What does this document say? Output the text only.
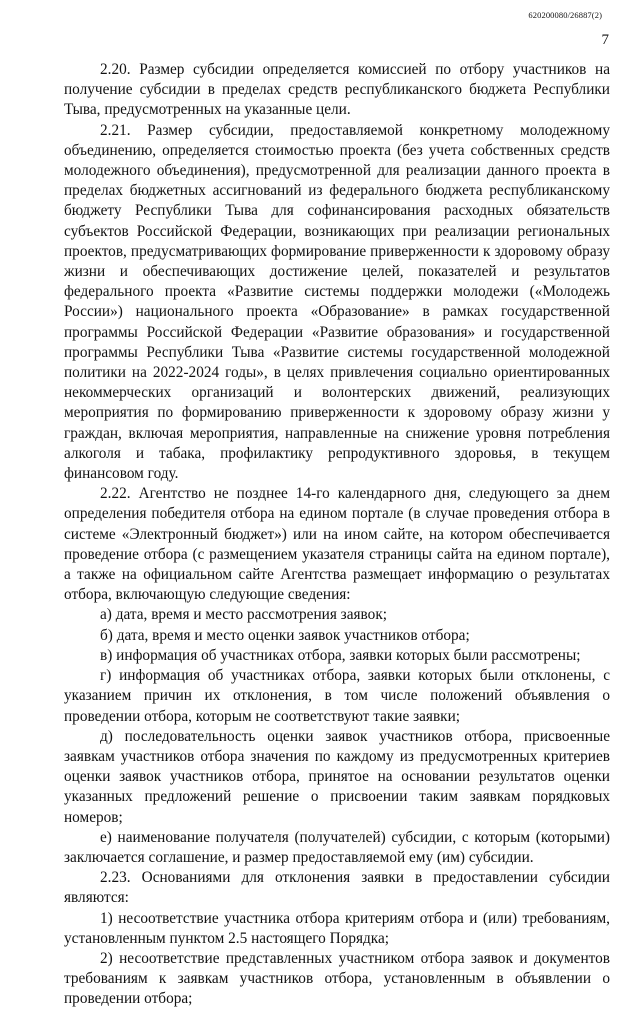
620200080/26887(2)
7

2.20. Размер субсидии определяется комиссией по отбору участников на получение субсидии в пределах средств республиканского бюджета Республики Тыва, предусмотренных на указанные цели.

2.21. Размер субсидии, предоставляемой конкретному молодежному объединению, определяется стоимостью проекта (без учета собственных средств молодежного объединения), предусмотренной для реализации данного проекта в пределах бюджетных ассигнований из федерального бюджета республиканскому бюджету Республики Тыва для софинансирования расходных обязательств субъектов Российской Федерации, возникающих при реализации региональных проектов, предусматривающих формирование приверженности к здоровому образу жизни и обеспечивающих достижение целей, показателей и результатов федерального проекта «Развитие системы поддержки молодежи («Молодежь России») национального проекта «Образование» в рамках государственной программы Российской Федерации «Развитие образования» и государственной программы Республики Тыва «Развитие системы государственной молодежной политики на 2022-2024 годы», в целях привлечения социально ориентированных некоммерческих организаций и волонтерских движений, реализующих мероприятия по формированию приверженности к здоровому образу жизни у граждан, включая мероприятия, направленные на снижение уровня потребления алкоголя и табака, профилактику репродуктивного здоровья, в текущем финансовом году.

2.22. Агентство не позднее 14-го календарного дня, следующего за днем определения победителя отбора на едином портале (в случае проведения отбора в системе «Электронный бюджет») или на ином сайте, на котором обеспечивается проведение отбора (с размещением указателя страницы сайта на едином портале), а также на официальном сайте Агентства размещает информацию о результатах отбора, включающую следующие сведения:

а) дата, время и место рассмотрения заявок;

б) дата, время и место оценки заявок участников отбора;

в) информация об участниках отбора, заявки которых были рассмотрены;

г) информация об участниках отбора, заявки которых были отклонены, с указанием причин их отклонения, в том числе положений объявления о проведении отбора, которым не соответствуют такие заявки;

д) последовательность оценки заявок участников отбора, присвоенные заявкам участников отбора значения по каждому из предусмотренных критериев оценки заявок участников отбора, принятое на основании результатов оценки указанных предложений решение о присвоении таким заявкам порядковых номеров;

е) наименование получателя (получателей) субсидии, с которым (которыми) заключается соглашение, и размер предоставляемой ему (им) субсидии.

2.23. Основаниями для отклонения заявки в предоставлении субсидии являются:

1) несоответствие участника отбора критериям отбора и (или) требованиям, установленным пунктом 2.5 настоящего Порядка;

2) несоответствие представленных участником отбора заявок и документов требованиям к заявкам участников отбора, установленным в объявлении о проведении отбора;
